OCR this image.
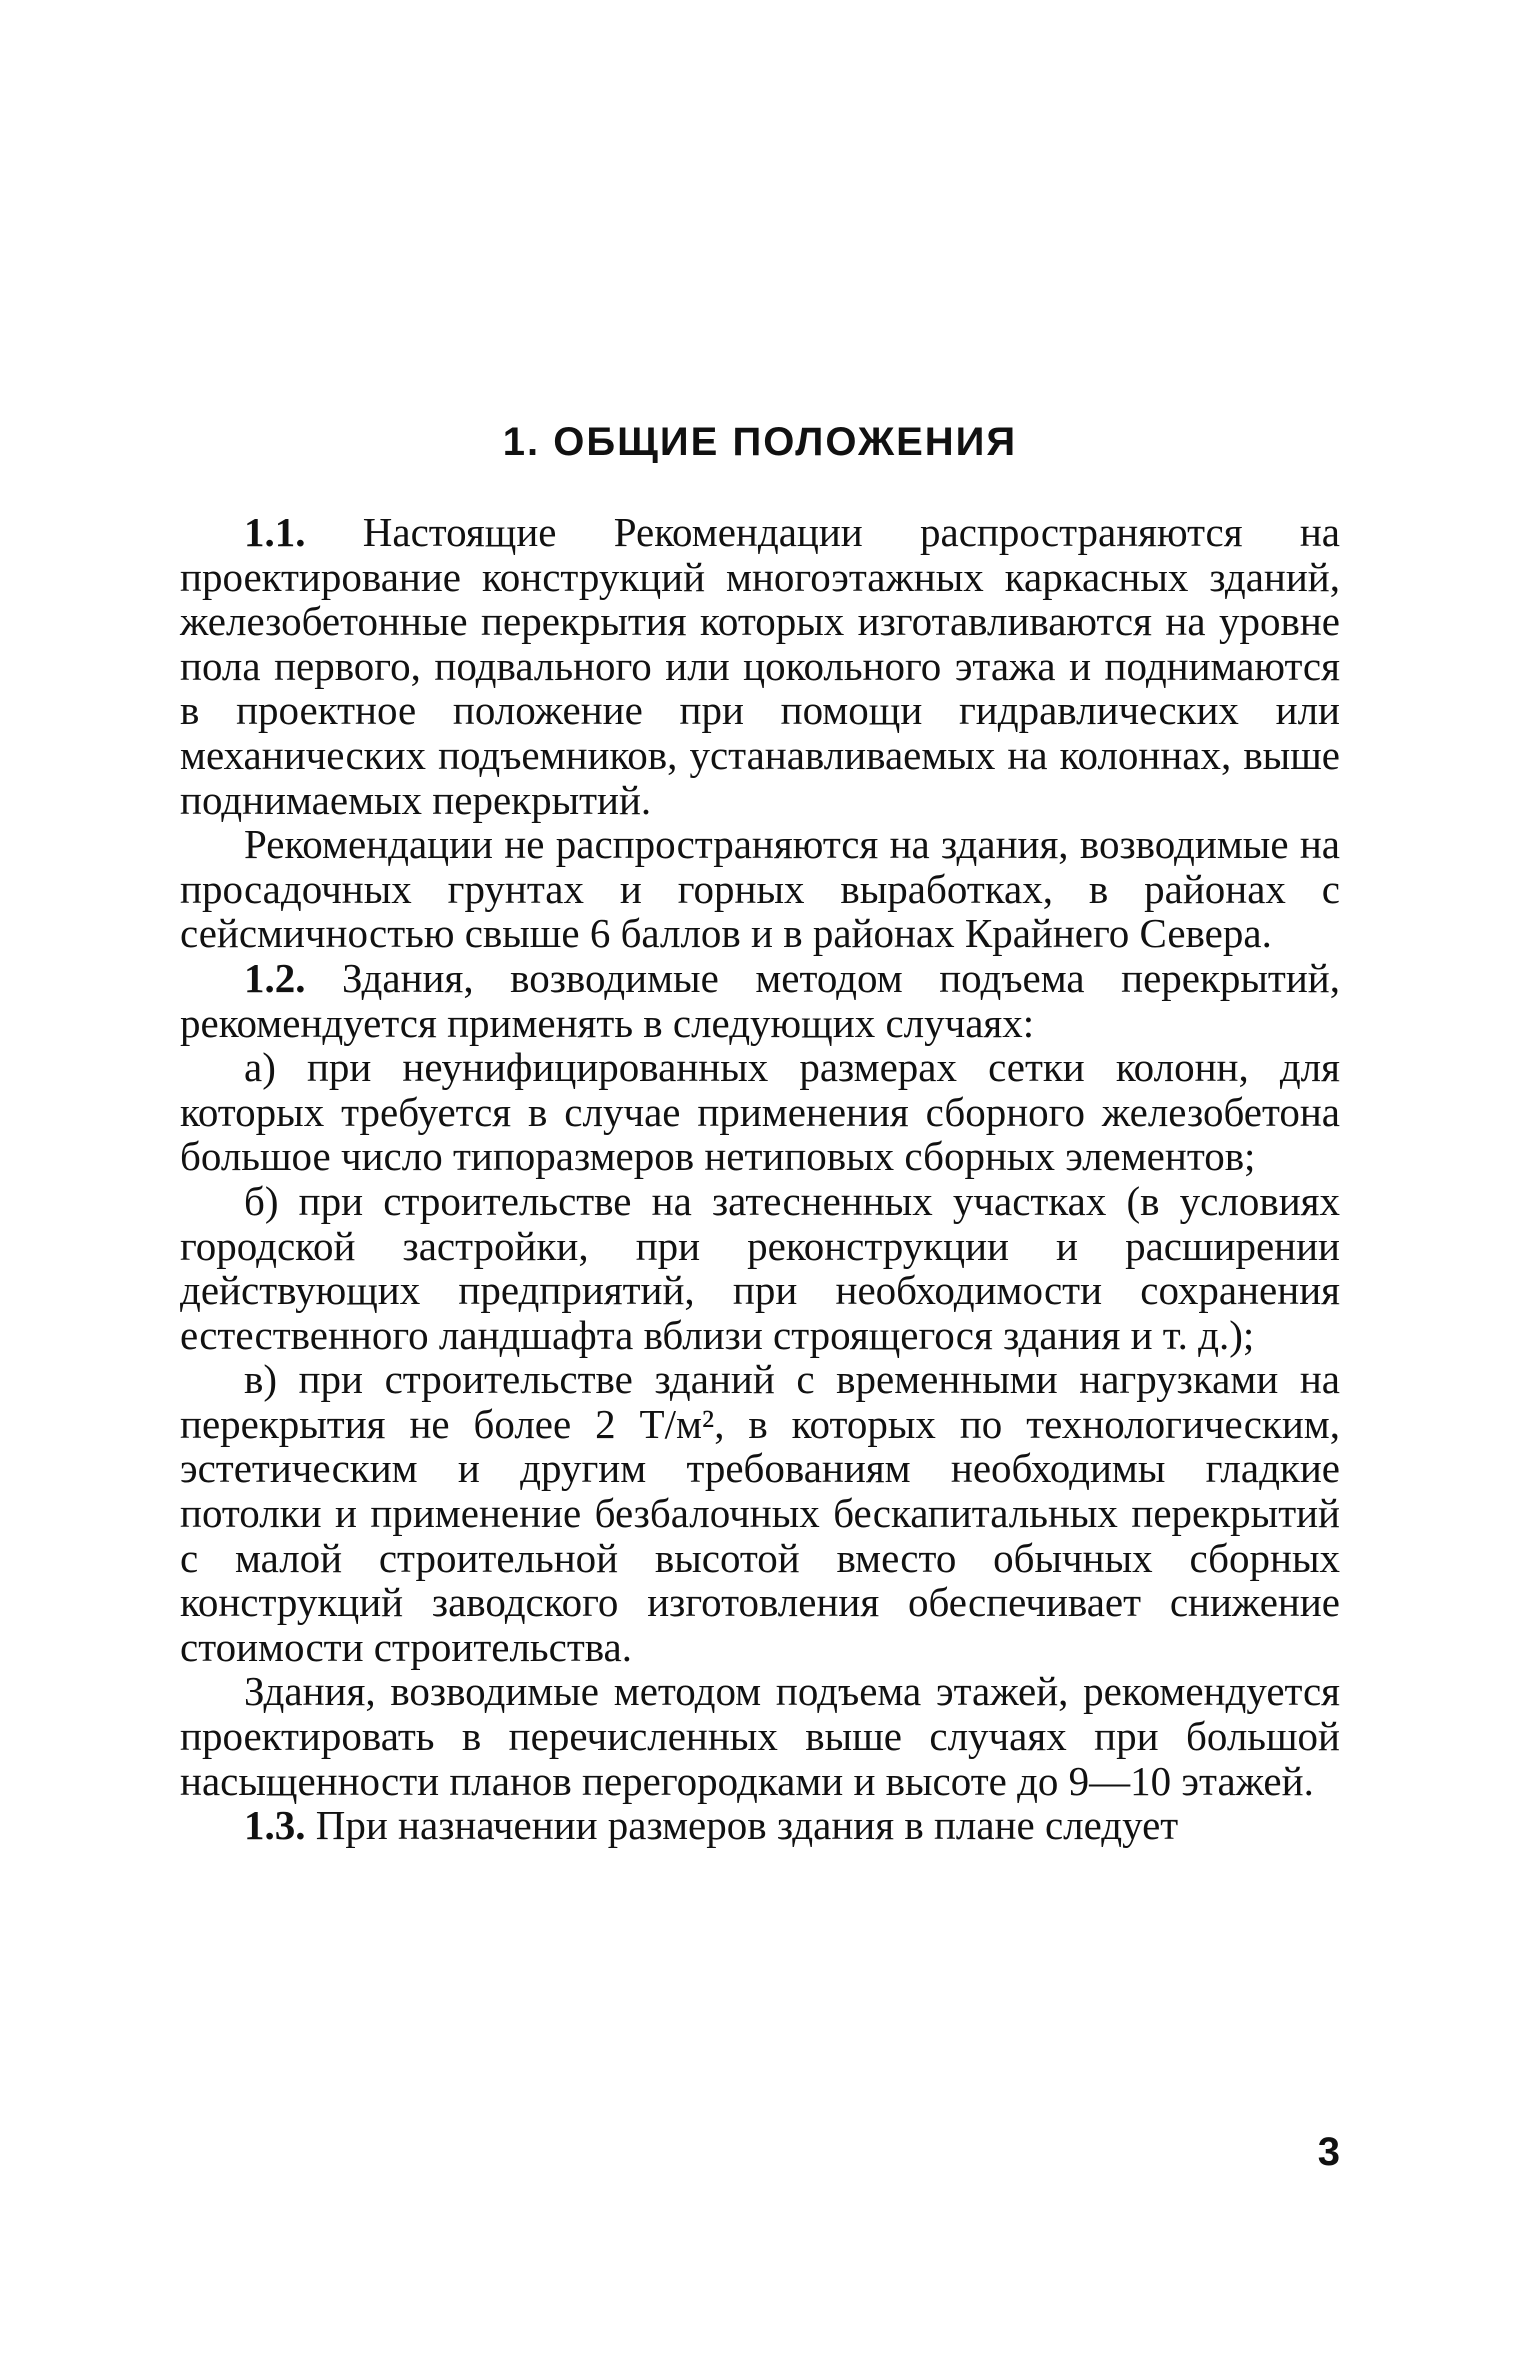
1. ОБЩИЕ ПОЛОЖЕНИЯ

1.1. Настоящие Рекомендации распространяются на проектирование конструкций многоэтажных каркасных зданий, железобетонные перекрытия которых изготавливаются на уровне пола первого, подвального или цокольного этажа и поднимаются в проектное положение при помощи гидравлических или механических подъемников, устанавливаемых на колоннах, выше поднимаемых перекрытий.

Рекомендации не распространяются на здания, возводимые на просадочных грунтах и горных выработках, в районах с сейсмичностью свыше 6 баллов и в районах Крайнего Севера.

1.2. Здания, возводимые методом подъема перекрытий, рекомендуется применять в следующих случаях:

а) при неунифицированных размерах сетки колонн, для которых требуется в случае применения сборного железобетона большое число типоразмеров нетиповых сборных элементов;

б) при строительстве на затесненных участках (в условиях городской застройки, при реконструкции и расширении действующих предприятий, при необходимости сохранения естественного ландшафта вблизи строящегося здания и т. д.);

в) при строительстве зданий с временными нагрузками на перекрытия не более 2 Т/м², в которых по технологическим, эстетическим и другим требованиям необходимы гладкие потолки и применение безбалочных бескапитальных перекрытий с малой строительной высотой вместо обычных сборных конструкций заводского изготовления обеспечивает снижение стоимости строительства.

Здания, возводимые методом подъема этажей, рекомендуется проектировать в перечисленных выше случаях при большой насыщенности планов перегородками и высоте до 9—10 этажей.

1.3. При назначении размеров здания в плане следует

3
